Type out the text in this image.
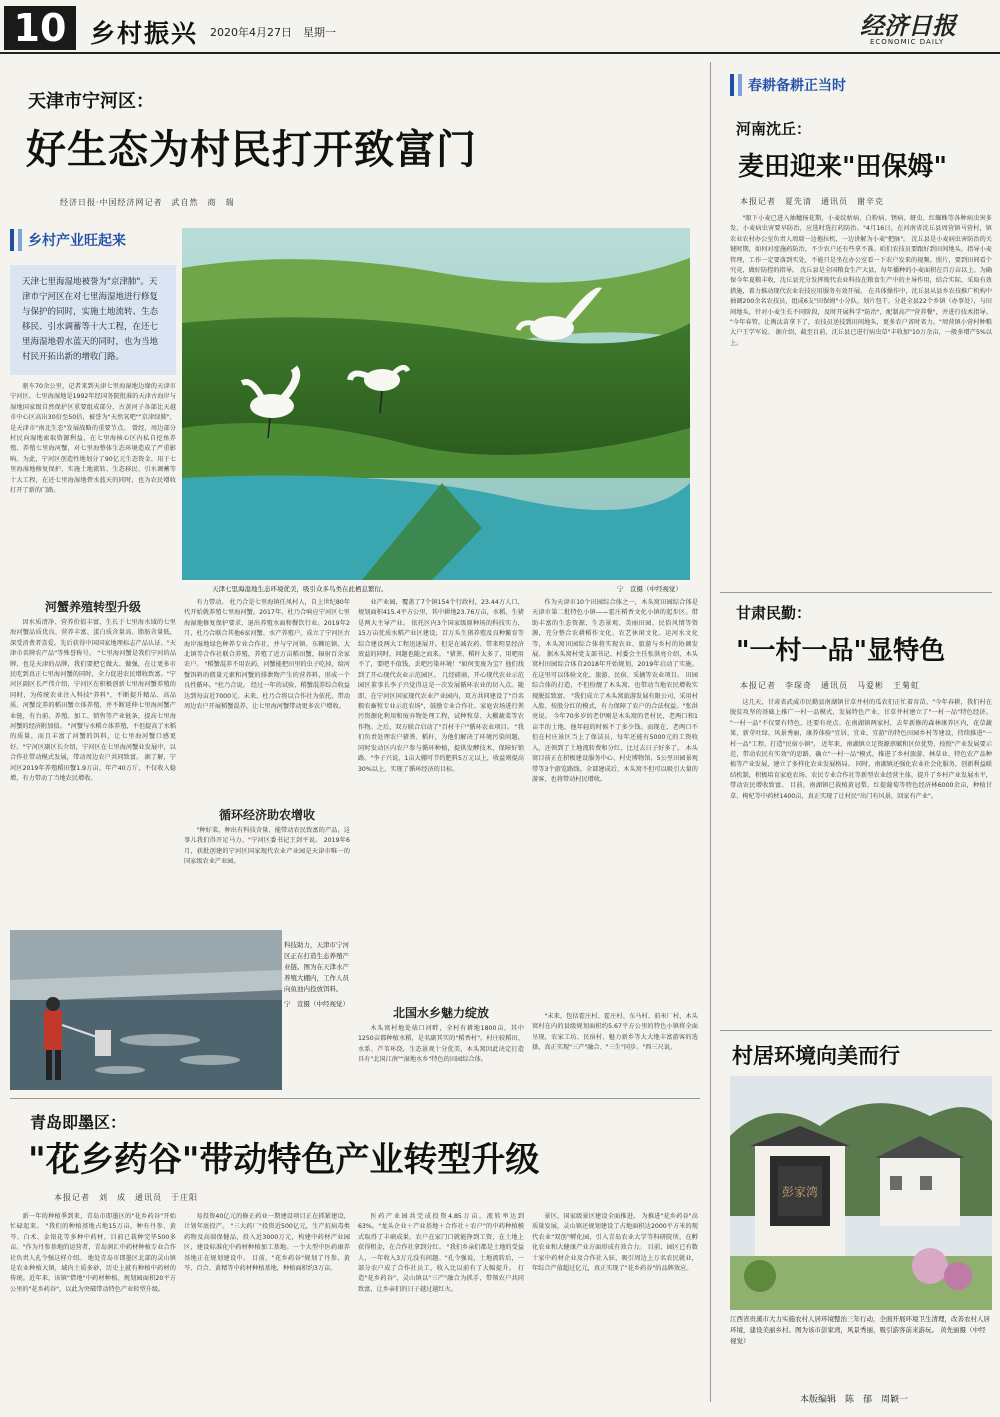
10 乡村振兴 2020年4月27日　星期一	经济日报
ECONOMIC DAILY
天津市宁河区：
好生态为村民打开致富门
经济日报·中国经济网记者　武自然　商　瑞
乡村产业旺起来
天津七里海湿地被誉为"京津肺"。天津市宁河区在对七里海湿地进行修复与保护的同时，实施土地流转、生态移民、引水调蓄等十大工程，在还七里海湿地碧水蓝天的同时，也为当地村民开拓出新的增收门路。
天津七里海湿地生态环境优美，吸引众多鸟类在此栖息繁衍。	宁　宣摄（中经视觉）

驱车70余公里，记者来到天津七里海湿地边缘的天津市宁河区。七里海湿地是1992年经国务院批准的天津古海岸与湿地国家级自然保护区重要组成部分，古黄河子各部比天越市中心区高出30倍至50倍，被誉为"天然氧吧""京津绿肺"，是天津市"南北生态"发展战略的重要节点。 曾经，周边部分村民向湿地索取资源利益，在七里海核心区内私自挖鱼养殖、养殖七里海河蟹，对七里海整体生态环境造成了严重影响。为此，宁河区创造性地划分了90亿元生态资金，用于七里海湿地修复保护，实施土地流转、生态移民、引水调蓄等十大工程，在还七里海湿地碧水蓝天的同时，也为农民增收打开了新的门路。

河蟹养殖转型升级

因水质清净、营养价值丰富，生长于七里海水域的七里海河蟹品质优良、营养丰富、蛋白质含量高、脂肪含量低，深受消费者喜爱。先后获得中国国家地理标志产品认证、"天津市名牌农产品"等殊誉称号。 "七里海河蟹是我们宁河的品牌，也是天津的品牌，我们要把它做大、做强，在让更多市民吃到真正七里海河蟹的同时，全力促进农民增收致富。"宁河区副区长严伟介绍，宁河区在积极创新七里海河蟹养殖的同时，为传统农业注入科技"养料"，不断提升精品、高品质、河蟹淀养的稻田蟹立体养殖，并不断延伸七里海河蟹产业链，有台前、养殖、加工、销售等产业链条，提高七里海河蟹的经济附加值。 "河蟹与水稻立体养殖，不但提高了水稻的质量，而且丰富了河蟹的饵料，让七里海河蟹口感更好。"宁河区副区长介绍，宁河区在七里海河蟹业发展中，以合作社带动模式发展，带动周边农户共同致富。 据了解，宁河区2019年养殖稻田蟹1.9万亩，年产40万斤，不仅收入稳增，有力带动了当地农民增收。

有力带动。 杜乃合是七里海镇任凤村人，自上世纪80年代开始就养殖七里海河蟹。2017年，杜乃合响应宁河区七里海湿地修复保护要求，退出养殖水面和餐饮行业。2019年2月，杜乃合联合其他6家河蟹、水产养殖户，成立了宁河区古海岸湿地绿色种养专业合作社，并与宁河镇、东棘坨镇、大北镇等合作社联合养殖，养殖了近万亩稻田蟹，辐射百余家农户。 "稻蟹混养不用农药，河蟹能把田里的虫子吃掉，给河蟹饵料的微量元素和河蟹的排泄物产生的营养料，形成一个良性循环。"杜乃合说。 经过一年的试验，稻蟹混养综合收益达到每亩近7000元。未来，杜乃合将以合作社为依托，带动周边农户开展稻蟹混养，让七里海河蟹带动更多农户增收。

循环经济助农增收

"种好菜，种出有科技含量、能带动农民致富的产品，这事儿我们得开足马力。"宁河区委书记王剑平说。 2019年6月，获批创建的宁河区国家现代农业产业园是天津市唯一的国家级农业产业园。

业产业园，覆盖了7个镇154个行政村，23.44万人口，规划面积415.4平方公里，其中耕地23.76万亩，水稻、生猪是两大主导产业。 依托区内3个国家级原种场的科技实力，15万亩优质水稻产业区建设，百万头生猪养殖及良种繁育等综合建设两大工程迅速展开。但是在减农药、带来明显经济效益的同时，问题也随之而来。 "猪粪、稻秆太多了，用吧用不了，要吧不值钱，丢吧污染环境！"如何变废为宝？他们找到了开心现代农业示范园区。 几经磋商，开心现代农业示范园区董事长李子兴觉得这是一次发展循环农业的切入点。随即，在宁河区国家现代农业产业园内，双方共同建设了"百名粮农畜牧专业示范农场"，鼓励专业合作社、家庭农场进行粪污资源化利用和废弃物处理工程，试种牧草、大棚蔬菜等农作物。之后，双方联合启动了"百村千户"循环农业项目。 "我们负责处理农户猪粪、稻秆，为他们解决了环境污染问题，同时发动区内农户参与循环种植，提供发酵技术，保障好销路。"李子兴说，1亩大棚可节约肥料5万元以上，收益则提高30%以上，实现了循环经济的目标。

北国水乡魅力绽放

木头窝村地处俵口河畔，全村有耕地1800亩，其中1250亩都种植水稻，是名副其实的"稻香村"。村庄较稻田、水系、芦苇环绕，生态景观十分优美，木头窝因此决定打造具有"北国江南""湿地水乡"特色的田园综合体。

作为天津市10个田园综合体之一，木头窝田园综合体是天津市第二批特色小镇——霍庄稻香文化小镇的起步区。借助丰富的生态资源，生态景观、美丽田园、民俗风情等资源，充分整合农耕稻作文化、农艺休闲文化、运河水文化等，木头窝田园综合体将实现农业、旅游与乡村的协调发展。 据木头窝村党支部书记、村委会主任张洪亮介绍，木头窝村田园综合体自2018年开始规划，2019年启动了实施。在这里可以体验文化、旅游、民宿、采摘等农业项目。 田园综合体的打造，不但扮靓了木头窝，也带动当地农民增收实现脱贫致富。 "我们成立了木头窝旅游发展有限公司，采用村入股、按股分红的模式，有力保障了农户的合法权益。"张洪亮说。 今年70多岁的老伊刚是木头窝的老村民，老两口和1亩半的土地，他年轻的时候不了多少钱。而现在，老两口不但在村庄景区当上了保洁员，每年还能有5000元的工资收入，还领到了土地流转费和分红，比过去日子好多了。 木头窝目前正在积极建设服务中心、村史博物馆、5公里田园景观带等3个游览路线。全部建成后，木头窝不但可以吸引大量的游客，也将带动村民增收。

"未来，包括霍庄村、霍庄村、东马村、前米厂村、木头窝村在内的县级规划面积约5.67平方公里的特色小镇将全面呈现，农家工坊、民宿村、魅力新乡等大大地丰富游客的选择，真正实现"三产"融合、"三生"同步。"西三尺说。

科技助力，天津市宁河区正在打造生态养殖产业链。图为在天津水产养殖大棚内，工作人员向鱼池内投放饵料。
宁　宣摄（中经视觉）
青岛即墨区：
"花乡药谷"带动特色产业转型升级
本报记者　刘　成　通讯员　于庄阳

新一年的种植季到来，青岛市即墨区的"花乡药谷"开始忙碌起来。 "我们的种植基地占地15万亩，种有丹参、黄芩、白术、金银花等多种中药材，目前已栽种完毕500多亩。"作为丹参基地的运营者，青岛润汇中药材种植专业合作社负责人孔令强这样介绍。 地处青岛市即墨区北部的灵山镇是农业种植大镇，域内土质多砂，历史上就有种植中药材的传统。近年来，该镇"借地"中药材种植，规划园面积20平方公里的"花乡药谷"，以此为突破带动特色产业转型升级。

易投资40亿元的修正药业一期建设项目正在抓紧建设，计划年底投产。 "三大药厂"投资近500亿元，生产抗病毒类药物及高端保健品，投入近3000万元，构建中药材产业园区，建设标准化中药材种植加工基地。一个大型中医药康养基地正在规划建设中。 目前，"花乡药谷"规划了丹参、黄芩、百合、黄精等中药材种植基地，种植面积约3万亩。

医药产业园共完成投资4.85万亩，流转率达到63%。"龙头企业＋产业基地＋合作社＋农户"的中药种植模式取得了丰硕成果，农户在家门口就能挣到工资，在土地上获得租金，在合作社拿到分红。 "我们乡亲们都是土地的受益人，一年收入3万元没有问题。"孔令强说，土地流转后，一部分农户成了合作社员工，收入比以前有了大幅提升。 打造"花乡药谷"，灵山镇以"三产"融合为抓手，带领农户共同致富，让乡亲们的日子越过越红火。

景区，国家级景区建设全面推进。 为推进"花乡药谷"高质量发展，灵山镇还规划建设了占地面积达2000平方米的现代农业"双创"孵化园，引入青岛农业大学等科研院所，在孵化农业和大健康产业方面形成有效合力。 目前，园区已有数十家中药材企业及合作社入驻，吸引周边上万名农民就业，年综合产值超过亿元，真正实现了"花乡药谷"的品牌效应。

春耕备耕正当时
河南沈丘：
麦田迎来"田保姆"
本报记者　夏先清　通讯员　谢辛克

"眼下小麦已进入抽穗扬花期，小麦纹枯病、白粉病、锈病、蚜虫、红蜘蛛等各种病虫害多发，小麦病虫害要早防治，应选时选打药防治。"4月16日，在河南省沈丘县周营镇马营村，镇农业农村办公室负责人周瑞一边拖拉机，一边讲解为小麦"把脉"。 沈丘县是小麦病虫害防治的关键时期，如何对症施药防治，不少农户还有些拿不准。咱们农技员要跟好到田间地头，指导小麦管理，工作一定要落到实处，不能只是坐在办公室看一下农户发来的视频、照片，要到田间看个究竟，做好防控的指导。 沈丘县是全国粮食生产大县，每年播种的小麦面积在百万亩以上。为确保今年夏粮丰收，沈丘县充分发挥现代农业科技在粮食生产中的主导作用，结合实际，采取有效措施，着力推动现代农业农技应用服务有效开展。 在具体操作中，沈丘县从县乡农技推广机构中抽调200余名农技员，组成6支"田保姆"小分队，划片包干，分赴全县22个乡镇（办事处），与田间地头，针对小麦生长不同阶段，及时开展科学"防治"，配制高产"营养餐"，并进行技术指导。 "今年春管，让淘汰苗拿下了，农技员送技到田间地头，更多农户省时省力。"周营镇小营村种粮大户王学军说。 据介绍，截至目前，沈丘县已进行病虫草"丰收加"10万余亩，一般多增产5%以上。

甘肃民勤：
"一村一品"显特色
本报记者　李琛奇　通讯员　马爱彬　王菊虹

这几天，甘肃省武威市民勤县南湖镇甘草井村的瓜农们正忙着育苗。"今年春耕，我们村在脱贫攻坚的基础上推广一村一品模式，发展特色产业，甘草井村建立了"一村一品"特色经济。 "一村一品"不仅要有特色，还要有亮点。在南湖镇两家村，去年新修的森林康养区内，花草蔬果，新芽吐绿，风景秀丽，康养体验"宜居、宜业、宜游"的特色田园乡村等建设，持续推进"一村一品"工程、打造"民宿小镇"。 近年来，南湖镇立足资源禀赋和区位优势，按照"产业发展要示范，带动农民有实效"的思路，确立"一村一品"模式，推进了乡村旅游、林草业、特色农产品种植等产业发展，建立了多样化农业发展格局。 同时，南湖镇还强化农业社会化服务，创新利益联结机制，积极培育家庭农场、农民专业合作社等新型农业经营主体，提升了乡村产业发展水平，带动农民增收致富。 目前，南湖镇已栽植黄冠梨、红提葡萄等特色经济林6000余亩，种植甘草、枸杞等中药材1400亩，真正实现了让村民"出门有风景，回家有产业"。

村居环境向美而行
彭家湾
江西省贵溪市大力实施农村人居环境整治三年行动，全面开展环境卫生清理，改善农村人居环境，建设美丽乡村。图为该市彭家湾，风景秀丽，吸引游客前来游玩。 黄先丽摄（中经视觉）
本版编辑　陈　郁　周颖一
